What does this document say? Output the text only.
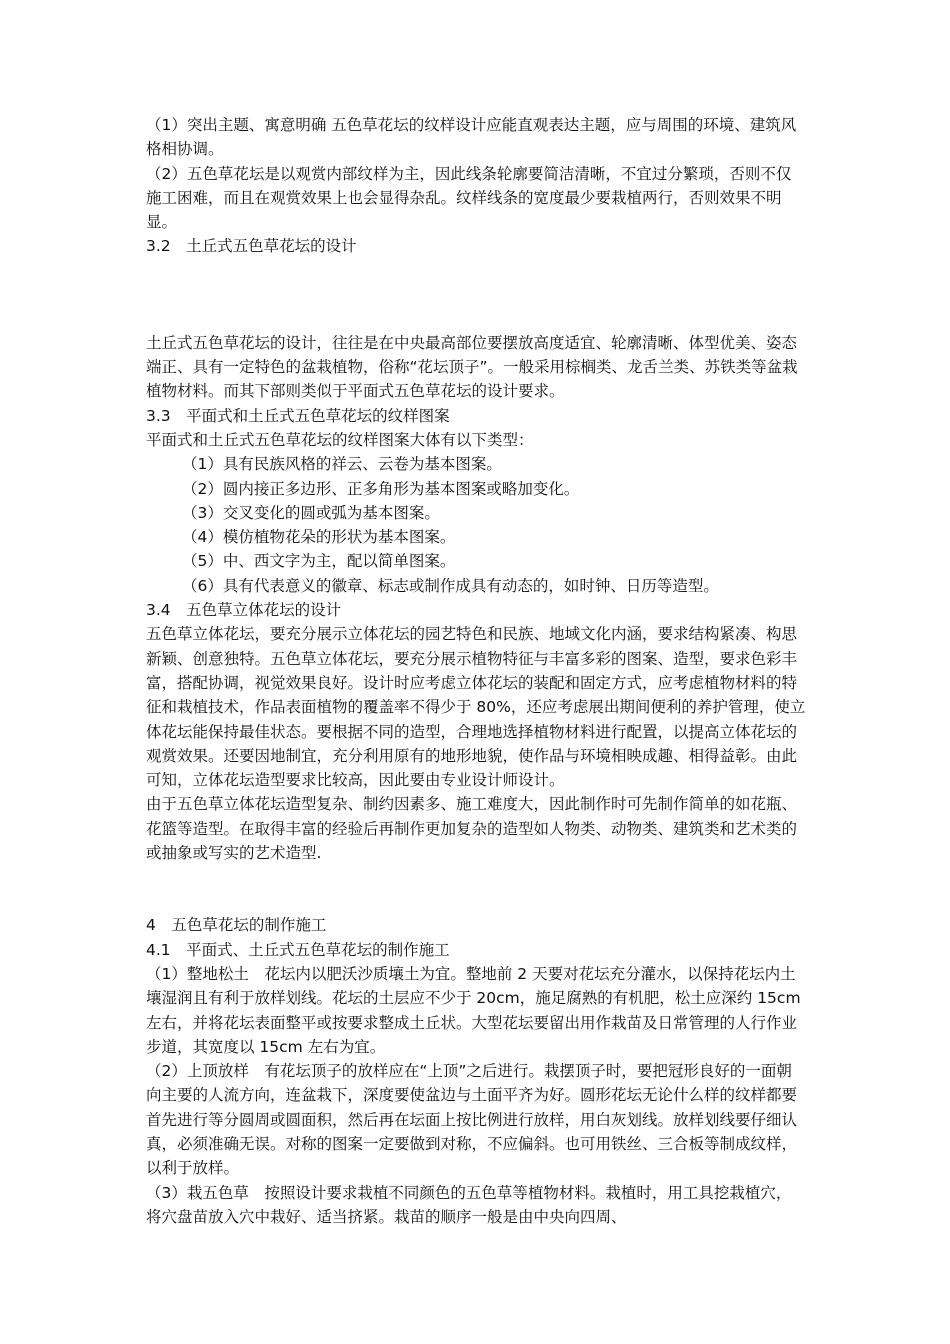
（1）突出主题、寓意明确 五色草花坛的纹样设计应能直观表达主题，应与周围的环境、建筑风格相协调。

（2）五色草花坛是以观赏内部纹样为主，因此线条轮廓要简洁清晰，不宜过分繁琐，否则不仅施工困难，而且在观赏效果上也会显得杂乱。纹样线条的宽度最少要栽植两行，否则效果不明显。

3.2　土丘式五色草花坛的设计

土丘式五色草花坛的设计，往往是在中央最高部位要摆放高度适宜、轮廓清晰、体型优美、姿态端正、具有一定特色的盆栽植物，俗称“花坛顶子”。一般采用棕榈类、龙舌兰类、苏铁类等盆栽植物材料。而其下部则类似于平面式五色草花坛的设计要求。

3.3　平面式和土丘式五色草花坛的纹样图案

平面式和土丘式五色草花坛的纹样图案大体有以下类型：

（1）具有民族风格的祥云、云卷为基本图案。

（2）圆内接正多边形、正多角形为基本图案或略加变化。

（3）交叉变化的圆或弧为基本图案。

（4）模仿植物花朵的形状为基本图案。

（5）中、西文字为主，配以简单图案。

（6）具有代表意义的徽章、标志或制作成具有动态的，如时钟、日历等造型。

3.4　五色草立体花坛的设计

五色草立体花坛，要充分展示立体花坛的园艺特色和民族、地域文化内涵，要求结构紧凑、构思新颖、创意独特。五色草立体花坛，要充分展示植物特征与丰富多彩的图案、造型，要求色彩丰富，搭配协调，视觉效果良好。设计时应考虑立体花坛的装配和固定方式，应考虑植物材料的特征和栽植技术，作品表面植物的覆盖率不得少于 80%，还应考虑展出期间便利的养护管理，使立体花坛能保持最佳状态。要根据不同的造型，合理地选择植物材料进行配置，以提高立体花坛的观赏效果。还要因地制宜，充分利用原有的地形地貌，使作品与环境相映成趣、相得益彰。由此可知，立体花坛造型要求比较高，因此要由专业设计师设计。

由于五色草立体花坛造型复杂、制约因素多、施工难度大，因此制作时可先制作简单的如花瓶、花篮等造型。在取得丰富的经验后再制作更加复杂的造型如人物类、动物类、建筑类和艺术类的或抽象或写实的艺术造型.

4　五色草花坛的制作施工

4.1　平面式、土丘式五色草花坛的制作施工

（1）整地松土　花坛内以肥沃沙质壤土为宜。整地前 2 天要对花坛充分灌水，以保持花坛内土壤湿润且有利于放样划线。花坛的土层应不少于 20cm，施足腐熟的有机肥，松土应深约 15cm 左右，并将花坛表面整平或按要求整成土丘状。大型花坛要留出用作栽苗及日常管理的人行作业步道，其宽度以 15cm 左右为宜。

（2）上顶放样　有花坛顶子的放样应在“上顶”之后进行。栽摆顶子时，要把冠形良好的一面朝向主要的人流方向，连盆栽下，深度要使盆边与土面平齐为好。圆形花坛无论什么样的纹样都要首先进行等分圆周或圆面积，然后再在坛面上按比例进行放样，用白灰划线。放样划线要仔细认真，必须准确无误。对称的图案一定要做到对称，不应偏斜。也可用铁丝、三合板等制成纹样，以利于放样。

（3）栽五色草　按照设计要求栽植不同颜色的五色草等植物材料。栽植时，用工具挖栽植穴，将穴盘苗放入穴中栽好、适当挤紧。栽苗的顺序一般是由中央向四周、
